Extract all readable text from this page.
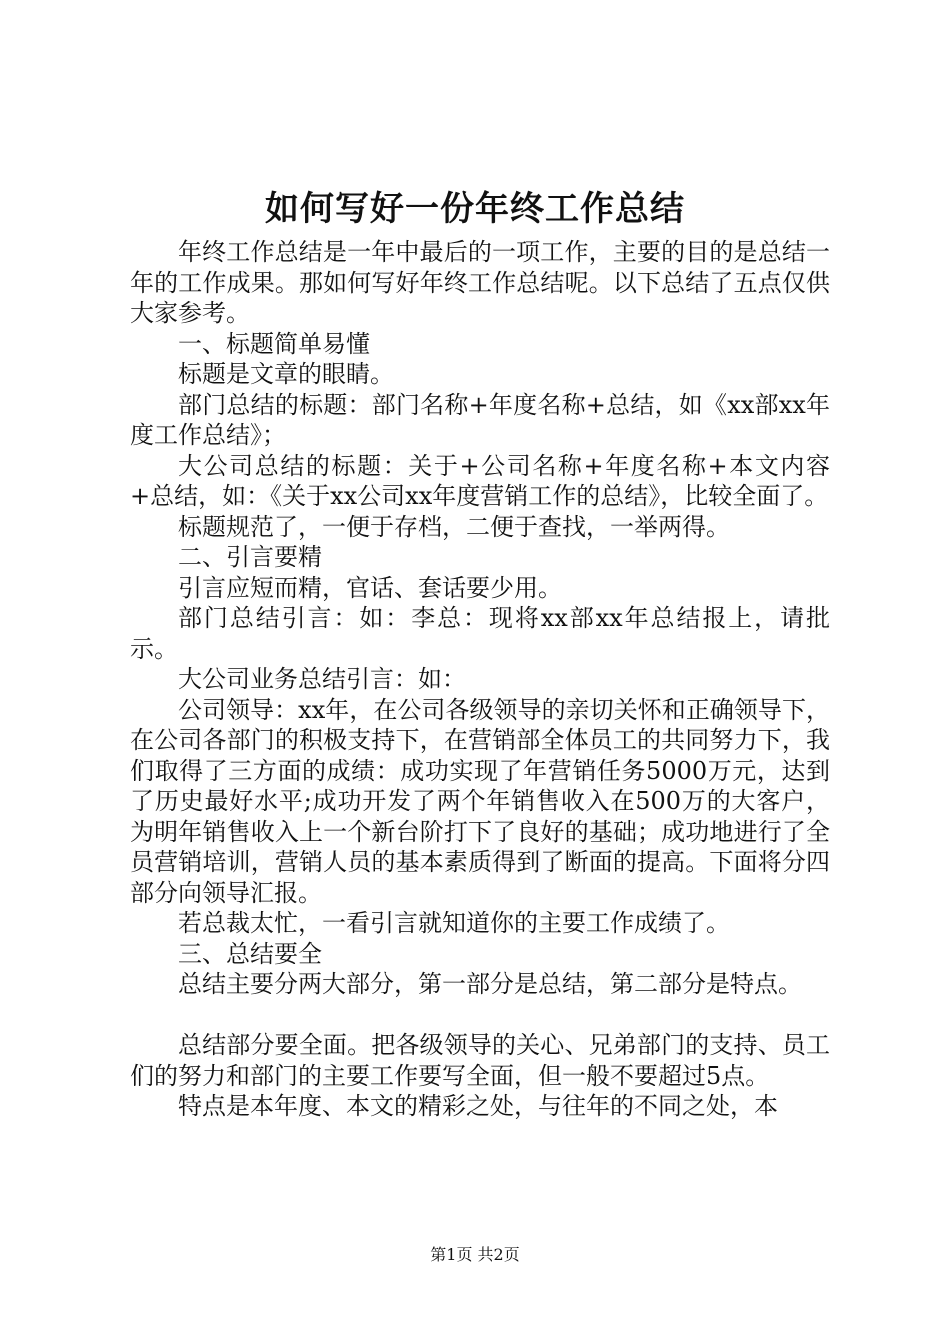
如何写好一份年终工作总结

年终工作总结是一年中最后的一项工作，主要的目的是总结一年的工作成果。那如何写好年终工作总结呢。以下总结了五点仅供大家参考。

一、标题简单易懂

标题是文章的眼睛。

部门总结的标题：部门名称+年度名称+总结，如《xx部xx年度工作总结》；

大公司总结的标题：关于+公司名称+年度名称+本文内容+总结，如：《关于xx公司xx年度营销工作的总结》，比较全面了。

标题规范了，一便于存档，二便于查找，一举两得。

二、引言要精

引言应短而精，官话、套话要少用。

部门总结引言：如：李总：现将xx部xx年总结报上，请批示。

大公司业务总结引言：如：

公司领导：xx年，在公司各级领导的亲切关怀和正确领导下，在公司各部门的积极支持下，在营销部全体员工的共同努力下，我们取得了三方面的成绩：成功实现了年营销任务5000万元，达到了历史最好水平;成功开发了两个年销售收入在500万的大客户，为明年销售收入上一个新台阶打下了良好的基础；成功地进行了全员营销培训，营销人员的基本素质得到了断面的提高。下面将分四部分向领导汇报。

若总裁太忙，一看引言就知道你的主要工作成绩了。

三、总结要全

总结主要分两大部分，第一部分是总结，第二部分是特点。

总结部分要全面。把各级领导的关心、兄弟部门的支持、员工们的努力和部门的主要工作要写全面，但一般不要超过5点。

特点是本年度、本文的精彩之处，与往年的不同之处，本

第1页 共2页
